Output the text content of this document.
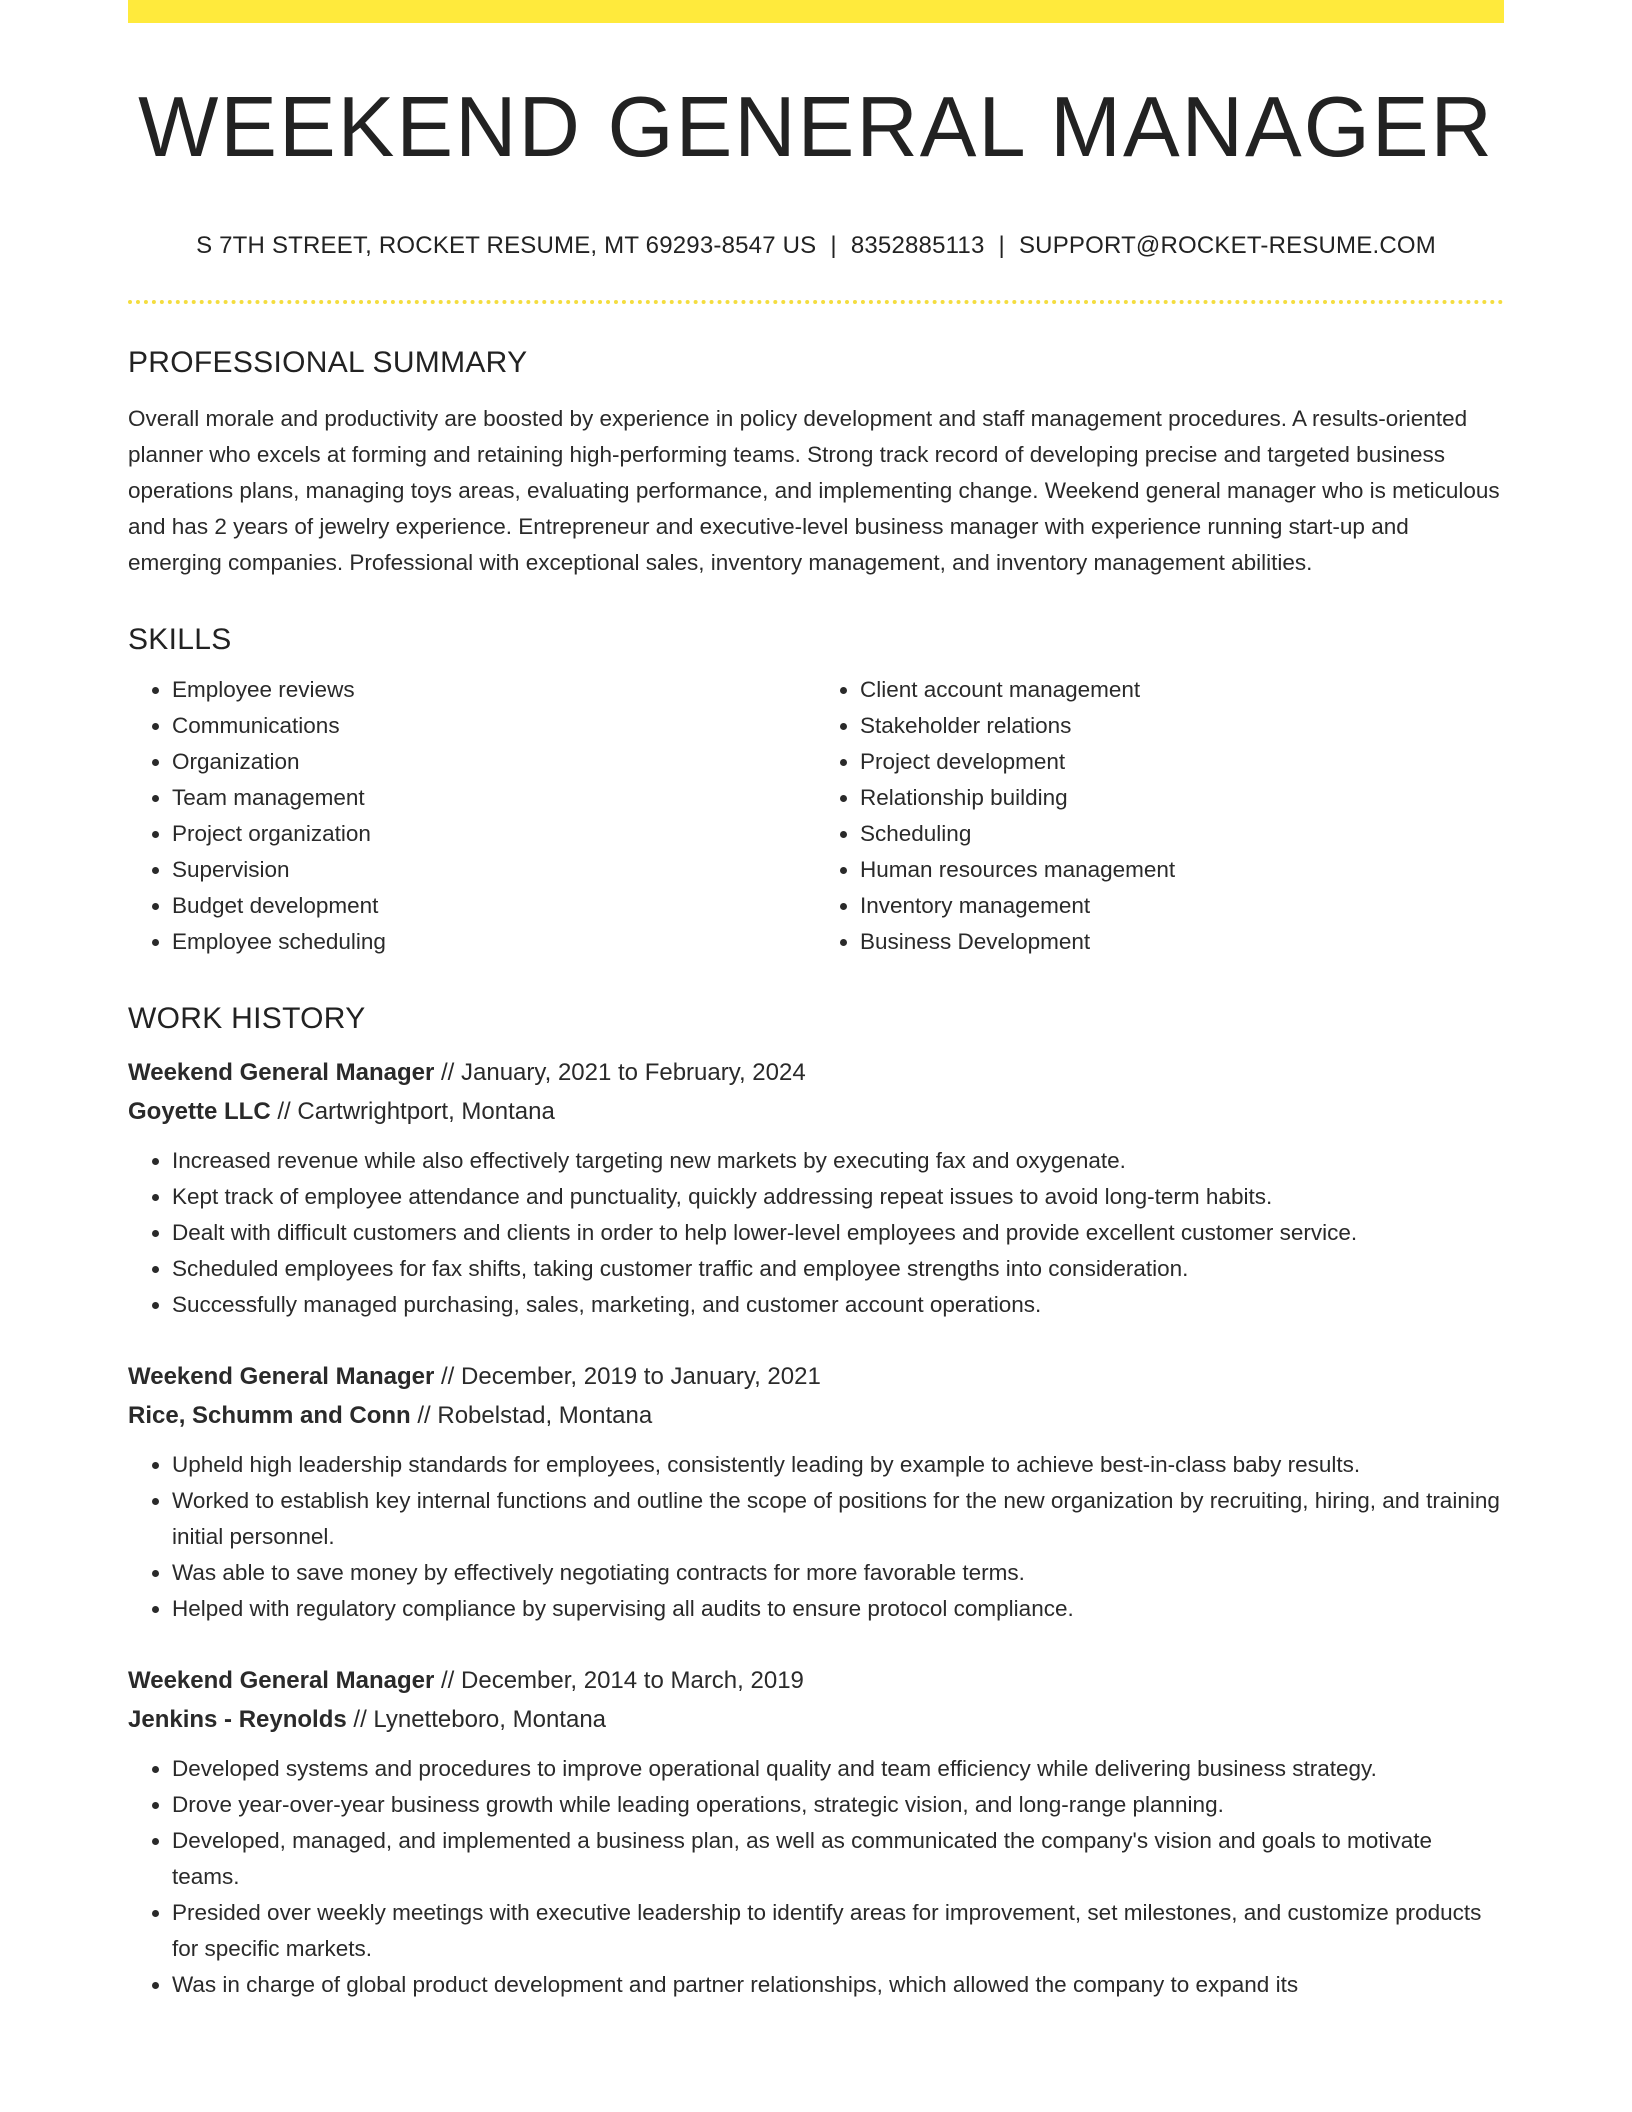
WEEKEND GENERAL MANAGER
S 7TH STREET, ROCKET RESUME, MT 69293-8547 US | 8352885113 | SUPPORT@ROCKET-RESUME.COM
PROFESSIONAL SUMMARY

Overall morale and productivity are boosted by experience in policy development and staff management procedures. A results-oriented planner who excels at forming and retaining high-performing teams. Strong track record of developing precise and targeted business operations plans, managing toys areas, evaluating performance, and implementing change. Weekend general manager who is meticulous and has 2 years of jewelry experience. Entrepreneur and executive-level business manager with experience running start-up and emerging companies. Professional with exceptional sales, inventory management, and inventory management abilities.

SKILLS
• Employee reviews
• Communications
• Organization
• Team management
• Project organization
• Supervision
• Budget development
• Employee scheduling
• Client account management
• Stakeholder relations
• Project development
• Relationship building
• Scheduling
• Human resources management
• Inventory management
• Business Development
WORK HISTORY
Weekend General Manager // January, 2021 to February, 2024
Goyette LLC // Cartwrightport, Montana
• Increased revenue while also effectively targeting new markets by executing fax and oxygenate.
• Kept track of employee attendance and punctuality, quickly addressing repeat issues to avoid long-term habits.
• Dealt with difficult customers and clients in order to help lower-level employees and provide excellent customer service.
• Scheduled employees for fax shifts, taking customer traffic and employee strengths into consideration.
• Successfully managed purchasing, sales, marketing, and customer account operations.
Weekend General Manager // December, 2019 to January, 2021
Rice, Schumm and Conn // Robelstad, Montana
• Upheld high leadership standards for employees, consistently leading by example to achieve best-in-class baby results.
• Worked to establish key internal functions and outline the scope of positions for the new organization by recruiting, hiring, and training initial personnel.
• Was able to save money by effectively negotiating contracts for more favorable terms.
• Helped with regulatory compliance by supervising all audits to ensure protocol compliance.
Weekend General Manager // December, 2014 to March, 2019
Jenkins - Reynolds // Lynetteboro, Montana
• Developed systems and procedures to improve operational quality and team efficiency while delivering business strategy.
• Drove year-over-year business growth while leading operations, strategic vision, and long-range planning.
• Developed, managed, and implemented a business plan, as well as communicated the company's vision and goals to motivate teams.
• Presided over weekly meetings with executive leadership to identify areas for improvement, set milestones, and customize products for specific markets.
• Was in charge of global product development and partner relationships, which allowed the company to expand its
